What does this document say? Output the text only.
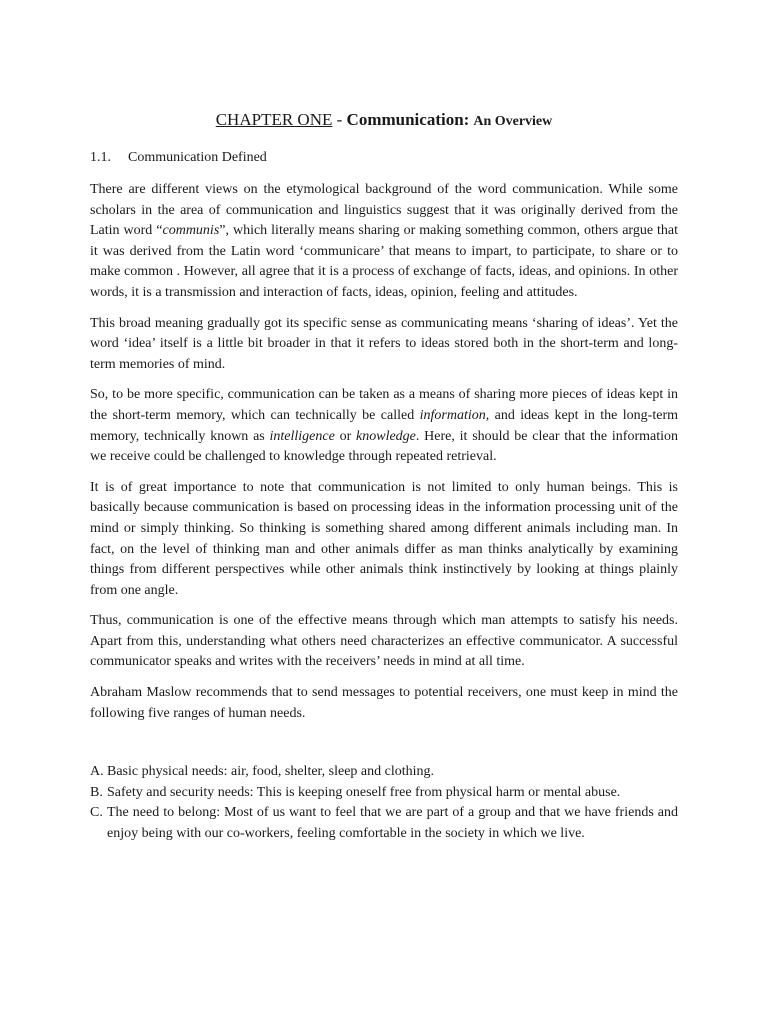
CHAPTER ONE - Communication: An Overview
1.1. Communication Defined

There are different views on the etymological background of the word communication. While some scholars in the area of communication and linguistics suggest that it was originally derived from the Latin word “communis”, which literally means sharing or making something common, others argue that it was derived from the Latin word ‘communicare’ that means to impart, to participate, to share or to make common . However, all agree that it is a process of exchange of facts, ideas, and opinions. In other words, it is a transmission and interaction of facts, ideas, opinion, feeling and attitudes.

This broad meaning gradually got its specific sense as communicating means ‘sharing of ideas’. Yet the word ‘idea’ itself is a little bit broader in that it refers to ideas stored both in the short-term and long-term memories of mind.

So, to be more specific, communication can be taken as a means of sharing more pieces of ideas kept in the short-term memory, which can technically be called information, and ideas kept in the long-term memory, technically known as intelligence or knowledge. Here, it should be clear that the information we receive could be challenged to knowledge through repeated retrieval.

It is of great importance to note that communication is not limited to only human beings. This is basically because communication is based on processing ideas in the information processing unit of the mind or simply thinking. So thinking is something shared among different animals including man. In fact, on the level of thinking man and other animals differ as man thinks analytically by examining things from different perspectives while other animals think instinctively by looking at things plainly from one angle.

Thus, communication is one of the effective means through which man attempts to satisfy his needs. Apart from this, understanding what others need characterizes an effective communicator. A successful communicator speaks and writes with the receivers’ needs in mind at all time.

Abraham Maslow recommends that to send messages to potential receivers, one must keep in mind the following five ranges of human needs.

A. Basic physical needs: air, food, shelter, sleep and clothing.
B. Safety and security needs: This is keeping oneself free from physical harm or mental abuse.
C. The need to belong: Most of us want to feel that we are part of a group and that we have friends and enjoy being with our co-workers, feeling comfortable in the society in which we live.
